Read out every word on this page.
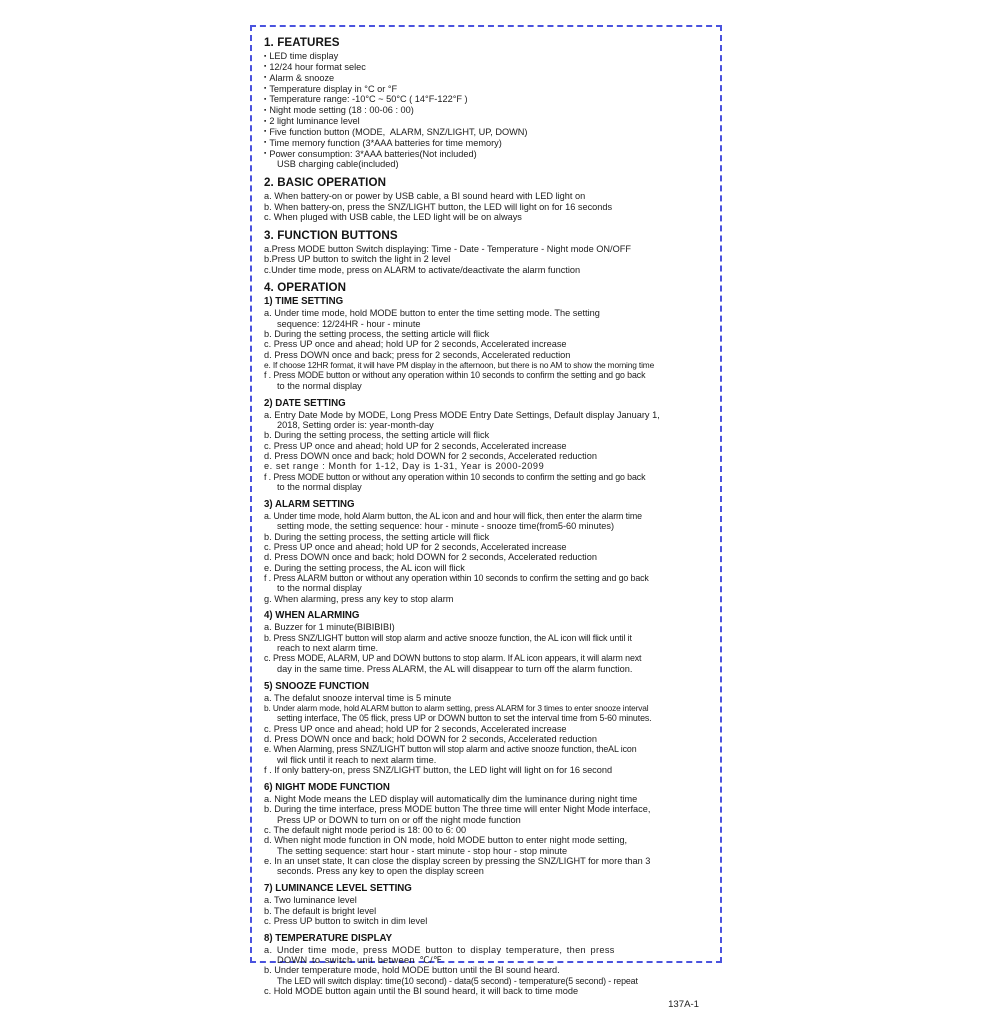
1. FEATURES
▪ LED time display
▪ 12/24 hour format selec
▪ Alarm & snooze
▪ Temperature display in °C or °F
▪ Temperature range: -10°C ~ 50°C ( 14°F-122°F )
▪ Night mode setting (18 : 00-06 : 00)
▪ 2 light luminance level
▪ Five function button (MODE,  ALARM, SNZ/LIGHT, UP, DOWN)
▪ Time memory function (3*AAA batteries for time memory)
▪ Power consumption: 3*AAA batteries(Not included)
USB charging cable(included)
2. BASIC OPERATION
a. When battery-on or power by USB cable, a BI sound heard with LED light on
b. When battery-on, press the SNZ/LIGHT button, the LED will light on for 16 seconds
c. When pluged with USB cable, the LED light will be on always
3. FUNCTION BUTTONS
a.Press MODE button Switch displaying: Time - Date - Temperature - Night mode ON/OFF
b.Press UP button to switch the light in 2 level
c.Under time mode, press on ALARM to activate/deactivate the alarm function
4. OPERATION
1) TIME SETTING
a. Under time mode, hold MODE button to enter the time setting mode. The setting
sequence: 12/24HR - hour - minute
b. During the setting process, the setting article will flick
c. Press UP once and ahead; hold UP for 2 seconds, Accelerated increase
d. Press DOWN once and back; press for 2 seconds, Accelerated reduction
e. If choose 12HR format, it will have PM display in the afternoon, but there is no AM to show the morning time
f . Press MODE button or without any operation within 10 seconds to confirm the setting and go back
to the normal display
2) DATE SETTING
a. Entry Date Mode by MODE, Long Press MODE Entry Date Settings, Default display January 1,
2018, Setting order is: year-month-day
b. During the setting process, the setting article will flick
c. Press UP once and ahead; hold UP for 2 seconds, Accelerated increase
d. Press DOWN once and back; hold DOWN for 2 seconds, Accelerated reduction
e. set range : Month for 1-12, Day is 1-31, Year is 2000-2099
f . Press MODE button or without any operation within 10 seconds to confirm the setting and go back
to the normal display
3) ALARM SETTING
a. Under time mode, hold Alarm button, the AL icon and and hour will flick, then enter the alarm time
setting mode, the setting sequence: hour - minute - snooze time(from5-60 minutes)
b. During the setting process, the setting article will flick
c. Press UP once and ahead; hold UP for 2 seconds, Accelerated increase
d. Press DOWN once and back; hold DOWN for 2 seconds, Accelerated reduction
e. During the setting process, the AL icon will flick
f . Press ALARM button or without any operation within 10 seconds to confirm the setting and go back
to the normal display
g. When alarming, press any key to stop alarm
4) WHEN ALARMING
a. Buzzer for 1 minute(BIBIBIBI)
b. Press SNZ/LIGHT button will stop alarm and active snooze function, the AL icon will flick until it
reach to next alarm time.
c. Press MODE, ALARM, UP and DOWN buttons to stop alarm. If AL icon appears, it will alarm next
day in the same time. Press ALARM, the AL will disappear to turn off the alarm function.
5) SNOOZE FUNCTION
a. The defalut snooze interval time is 5 minute
b. Under alarm mode, hold ALARM button to alarm setting, press ALARM for 3 times to enter snooze interval
setting interface, The 05 flick, press UP or DOWN button to set the interval time from 5-60 minutes.
c. Press UP once and ahead; hold UP for 2 seconds, Accelerated increase
d. Press DOWN once and back; hold DOWN for 2 seconds, Accelerated reduction
e. When Alarming, press SNZ/LIGHT button will stop alarm and active snooze function, theAL icon
wil flick until it reach to next alarm time.
f . If only battery-on, press SNZ/LIGHT button, the LED light will light on for 16 second
6) NIGHT MODE FUNCTION
a. Night Mode means the LED display will automatically dim the luminance during night time
b. During the time interface, press MODE button The three time will enter Night Mode interface,
Press UP or DOWN to turn on or off the night mode function
c. The default night mode period is 18: 00 to 6: 00
d. When night mode function in ON mode, hold MODE button to enter night mode setting,
The setting sequence: start hour - start minute - stop hour - stop minute
e. In an unset state, It can close the display screen by pressing the SNZ/LIGHT for more than 3
seconds. Press any key to open the display screen
7) LUMINANCE LEVEL SETTING
a. Two luminance level
b. The default is bright level
c. Press UP button to switch in dim level
8) TEMPERATURE DISPLAY
a. Under time mode, press MODE button to display temperature, then press
DOWN to switch unit between ℃/℉
b. Under temperature mode, hold MODE button until the BI sound heard.
The LED will switch display: time(10 second) - data(5 second) - temperature(5 second) - repeat
c. Hold MODE button again until the BI sound heard, it will back to time mode
137A-1
